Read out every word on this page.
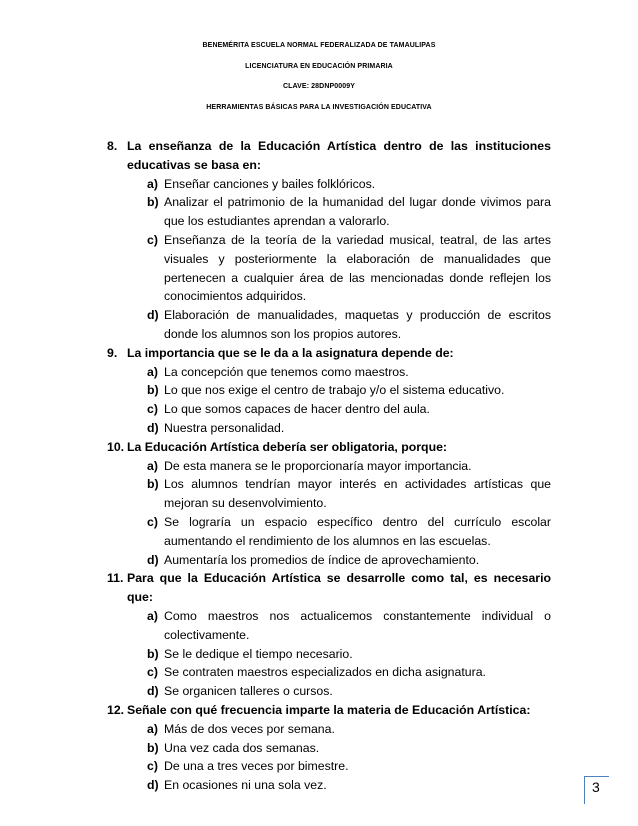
BENEMÉRITA ESCUELA NORMAL FEDERALIZADA DE TAMAULIPAS
LICENCIATURA EN EDUCACIÓN PRIMARIA
CLAVE: 28DNP0009Y
HERRAMIENTAS BÁSICAS PARA LA INVESTIGACIÓN EDUCATIVA
8. La enseñanza de la Educación Artística dentro de las instituciones educativas se basa en:
a) Enseñar canciones y bailes folklóricos.
b) Analizar el patrimonio de la humanidad del lugar donde vivimos para que los estudiantes aprendan a valorarlo.
c) Enseñanza de la teoría de la variedad musical, teatral, de las artes visuales y posteriormente la elaboración de manualidades que pertenecen a cualquier área de las mencionadas donde reflejen los conocimientos adquiridos.
d) Elaboración de manualidades, maquetas y producción de escritos donde los alumnos son los propios autores.
9. La importancia que se le da a la asignatura depende de:
a) La concepción que tenemos como maestros.
b) Lo que nos exige el centro de trabajo y/o el sistema educativo.
c) Lo que somos capaces de hacer dentro del aula.
d) Nuestra personalidad.
10. La Educación Artística debería ser obligatoria, porque:
a) De esta manera se le proporcionaría mayor importancia.
b) Los alumnos tendrían mayor interés en actividades artísticas que mejoran su desenvolvimiento.
c) Se lograría un espacio específico dentro del currículo escolar aumentando el rendimiento de los alumnos en las escuelas.
d) Aumentaría los promedios de índice de aprovechamiento.
11. Para que la Educación Artística se desarrolle como tal, es necesario que:
a) Como maestros nos actualicemos constantemente individual o colectivamente.
b) Se le dedique el tiempo necesario.
c) Se contraten maestros especializados en dicha asignatura.
d) Se organicen talleres o cursos.
12. Señale con qué frecuencia imparte la materia de Educación Artística:
a) Más de dos veces por semana.
b) Una vez cada dos semanas.
c) De una a tres veces por bimestre.
d) En ocasiones ni una sola vez.	3
